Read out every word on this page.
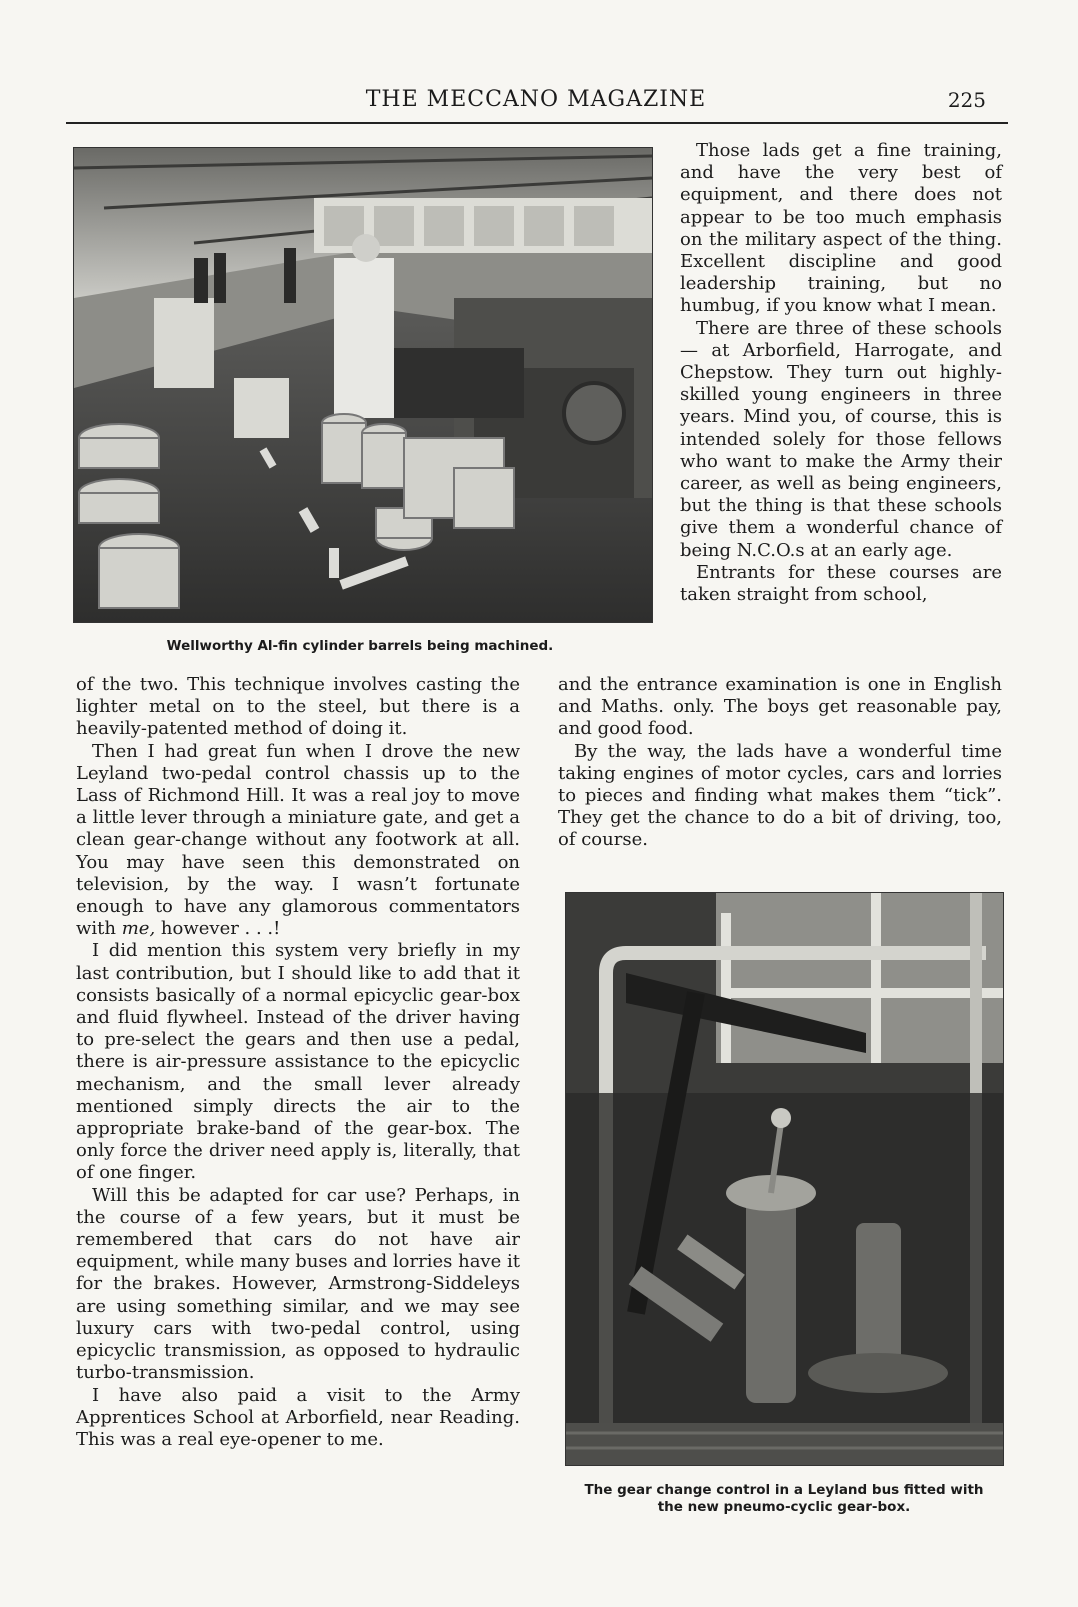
THE MECCANO MAGAZINE	225
Wellworthy Al-fin cylinder barrels being machined.

Those lads get a fine training, and have the very best of equipment, and there does not appear to be too much emphasis on the military aspect of the thing. Excellent discipline and good leadership training, but no humbug, if you know what I mean.

There are three of these schools — at Arborfield, Harrogate, and Chepstow. They turn out highly-skilled young engineers in three years. Mind you, of course, this is intended solely for those fellows who want to make the Army their career, as well as being engineers, but the thing is that these schools give them a wonderful chance of being N.C.O.s at an early age.

Entrants for these courses are taken straight from school,

and the entrance examination is one in English and Maths. only. The boys get reasonable pay, and good food.

By the way, the lads have a wonderful time taking engines of motor cycles, cars and lorries to pieces and finding what makes them “tick”. They get the chance to do a bit of driving, too, of course.

of the two. This technique involves casting the lighter metal on to the steel, but there is a heavily-patented method of doing it.

Then I had great fun when I drove the new Leyland two-pedal control chassis up to the Lass of Richmond Hill. It was a real joy to move a little lever through a miniature gate, and get a clean gear-change without any footwork at all. You may have seen this demonstrated on television, by the way. I wasn’t fortunate enough to have any glamorous commentators with me, however . . .!

I did mention this system very briefly in my last contribution, but I should like to add that it consists basically of a normal epicyclic gear-box and fluid flywheel. Instead of the driver having to pre-select the gears and then use a pedal, there is air-pressure assistance to the epicyclic mechanism, and the small lever already mentioned simply directs the air to the appropriate brake-band of the gear-box. The only force the driver need apply is, literally, that of one finger.

Will this be adapted for car use? Perhaps, in the course of a few years, but it must be remembered that cars do not have air equipment, while many buses and lorries have it for the brakes. However, Armstrong-Siddeleys are using something similar, and we may see luxury cars with two-pedal control, using epicyclic transmission, as opposed to hydraulic turbo-transmission.

I have also paid a visit to the Army Apprentices School at Arborfield, near Reading. This was a real eye-opener to me.

The gear change control in a Leyland bus fitted with
the new pneumo-cyclic gear-box.
